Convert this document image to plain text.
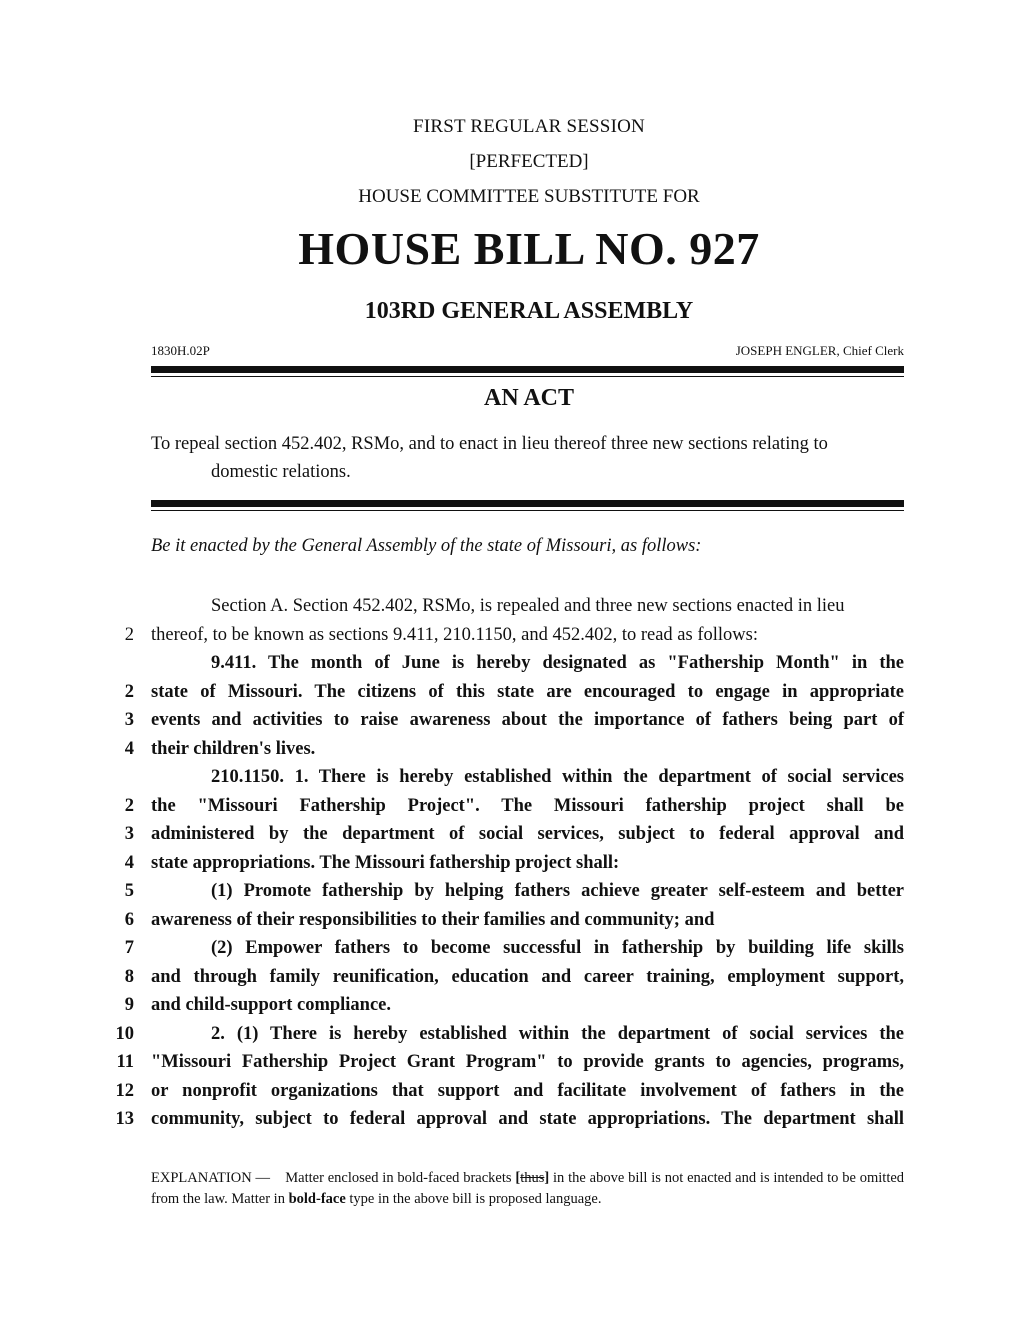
FIRST REGULAR SESSION
[PERFECTED]
HOUSE COMMITTEE SUBSTITUTE FOR
HOUSE BILL NO. 927
103RD GENERAL ASSEMBLY
1830H.02P	JOSEPH ENGLER, Chief Clerk
AN ACT
To repeal section 452.402, RSMo, and to enact in lieu thereof three new sections relating to
domestic relations.
Be it enacted by the General Assembly of the state of Missouri, as follows:
Section A. Section 452.402, RSMo, is repealed and three new sections enacted in lieu
2 thereof, to be known as sections 9.411, 210.1150, and 452.402, to read as follows:
9.411. The month of June is hereby designated as "Fathership Month" in the
2 state of Missouri. The citizens of this state are encouraged to engage in appropriate
3 events and activities to raise awareness about the importance of fathers being part of
4 their children's lives.
210.1150. 1. There is hereby established within the department of social services
2 the "Missouri Fathership Project". The Missouri fathership project shall be
3 administered by the department of social services, subject to federal approval and
4 state appropriations. The Missouri fathership project shall:
5	(1) Promote fathership by helping fathers achieve greater self-esteem and better
6 awareness of their responsibilities to their families and community; and
7	(2) Empower fathers to become successful in fathership by building life skills
8 and through family reunification, education and career training, employment support,
9 and child-support compliance.
10	2. (1) There is hereby established within the department of social services the
11 "Missouri Fathership Project Grant Program" to provide grants to agencies, programs,
12 or nonprofit organizations that support and facilitate involvement of fathers in the
13 community, subject to federal approval and state appropriations. The department shall
EXPLANATION — Matter enclosed in bold-faced brackets [thus] in the above bill is not enacted and is intended to be omitted from the law. Matter in bold-face type in the above bill is proposed language.
